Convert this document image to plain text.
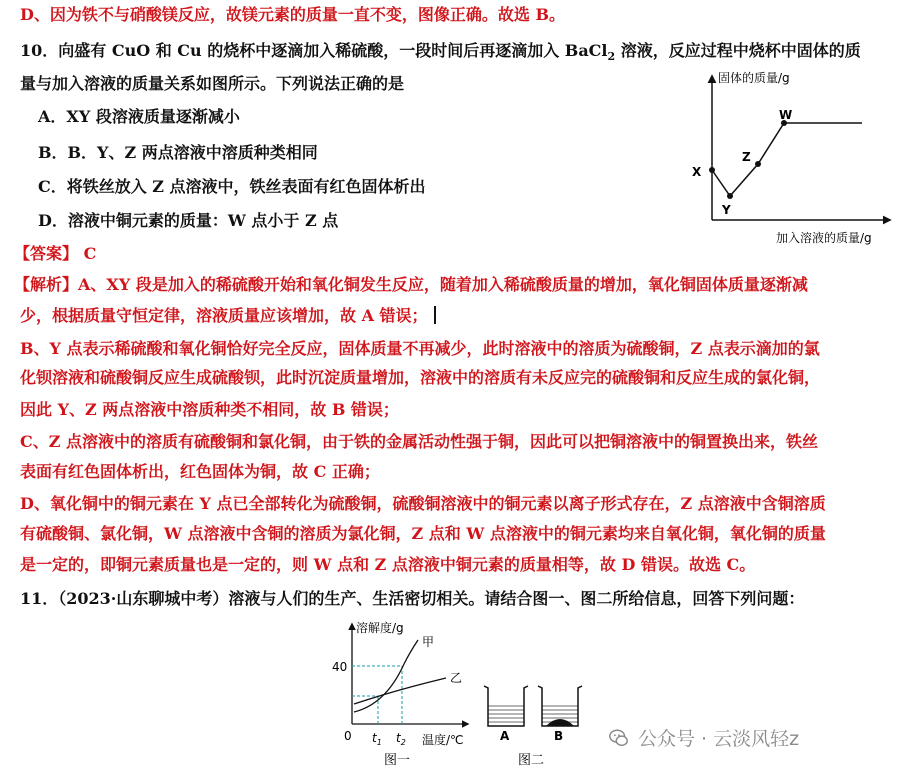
D、因为铁不与硝酸镁反应，故镁元素的质量一直不变，图像正确。故选 B。
10．向盛有 CuO 和 Cu 的烧杯中逐滴加入稀硫酸，一段时间后再逐滴加入 BaCl$_2$ 溶液，反应过程中烧杯中固体的质
量与加入溶液的质量关系如图所示。下列说法正确的是
A．XY 段溶液质量逐渐减小
B．B．Y、Z 两点溶液中溶质种类相同
C．将铁丝放入 Z 点溶液中，铁丝表面有红色固体析出
D．溶液中铜元素的质量：W 点小于 Z 点
【答案】 C
【解析】A、XY 段是加入的稀硫酸开始和氧化铜发生反应，随着加入稀硫酸质量的增加，氧化铜固体质量逐渐减
少，根据质量守恒定律，溶液质量应该增加，故 A 错误；
B、Y 点表示稀硫酸和氧化铜恰好完全反应，固体质量不再减少，此时溶液中的溶质为硫酸铜，Z 点表示滴加的氯
化钡溶液和硫酸铜反应生成硫酸钡，此时沉淀质量增加，溶液中的溶质有未反应完的硫酸铜和反应生成的氯化铜，
因此 Y、Z 两点溶液中溶质种类不相同，故 B 错误；
C、Z 点溶液中的溶质有硫酸铜和氯化铜，由于铁的金属活动性强于铜，因此可以把铜溶液中的铜置换出来，铁丝
表面有红色固体析出，红色固体为铜，故 C 正确；
D、氧化铜中的铜元素在 Y 点已全部转化为硫酸铜，硫酸铜溶液中的铜元素以离子形式存在，Z 点溶液中含铜溶质
有硫酸铜、氯化铜，W 点溶液中含铜的溶质为氯化铜，Z 点和 W 点溶液中的铜元素均来自氧化铜，氧化铜的质量
是一定的，即铜元素质量也是一定的，则 W 点和 Z 点溶液中铜元素的质量相等，故 D 错误。故选 C。
11．（2023·山东聊城中考）溶液与人们的生产、生活密切相关。请结合图一、图二所给信息，回答下列问题：
固体的质量/g
加入溶液的质量/g
X
Y
Z
W
溶解度/g
40
0 $t_1$ $t_2$ 温度/℃
甲
乙
图一
A	B
图二
公众号 · 云淡风轻z
